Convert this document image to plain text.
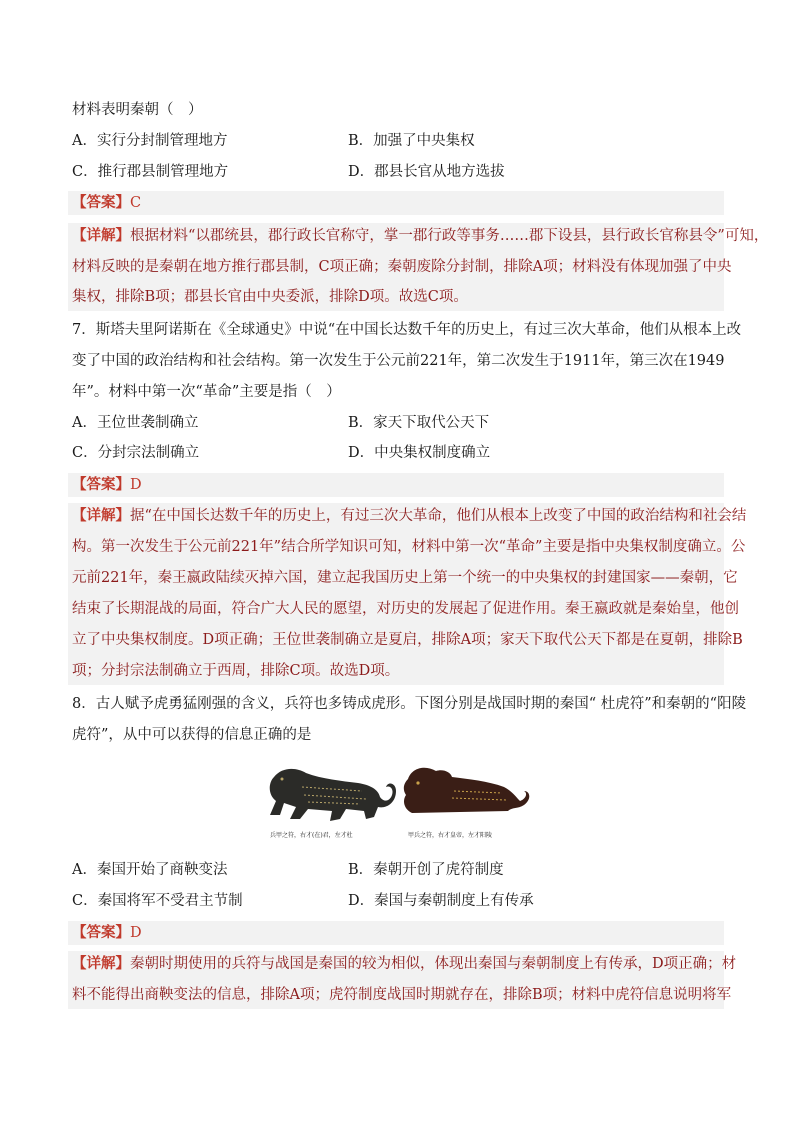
材料表明秦朝（　）
A．实行分封制管理地方	B．加强了中央集权
C．推行郡县制管理地方	D．郡县长官从地方选拔
【答案】C
【详解】根据材料“以郡统县，郡行政长官称守，掌一郡行政等事务……郡下设县，县行政长官称县令”可知，
材料反映的是秦朝在地方推行郡县制，C项正确；秦朝废除分封制，排除A项；材料没有体现加强了中央
集权，排除B项；郡县长官由中央委派，排除D项。故选C项。
7．斯塔夫里阿诺斯在《全球通史》中说“在中国长达数千年的历史上，有过三次大革命，他们从根本上改
变了中国的政治结构和社会结构。第一次发生于公元前221年，第二次发生于1911年，第三次在1949
年”。材料中第一次“革命”主要是指（　）
A．王位世袭制确立	B．家天下取代公天下
C．分封宗法制确立	D．中央集权制度确立
【答案】D
【详解】据“在中国长达数千年的历史上，有过三次大革命，他们从根本上改变了中国的政治结构和社会结
构。第一次发生于公元前221年”结合所学知识可知，材料中第一次“革命”主要是指中央集权制度确立。公
元前221年，秦王嬴政陆续灭掉六国，建立起我国历史上第一个统一的中央集权的封建国家——秦朝，它
结束了长期混战的局面，符合广大人民的愿望，对历史的发展起了促进作用。秦王嬴政就是秦始皇，他创
立了中央集权制度。D项正确；王位世袭制确立是夏启，排除A项；家天下取代公天下都是在夏朝，排除B
项；分封宗法制确立于西周，排除C项。故选D项。
8．古人赋予虎勇猛刚强的含义，兵符也多铸成虎形。下图分别是战国时期的秦国“ 杜虎符”和秦朝的“阳陵
虎符”，从中可以获得的信息正确的是
兵甲之符，右才(在)君，左才杜	甲兵之符，右才皇帝，左才阳陵
A．秦国开始了商鞅变法	B．秦朝开创了虎符制度
C．秦国将军不受君主节制	D．秦国与秦朝制度上有传承
【答案】D
【详解】秦朝时期使用的兵符与战国是秦国的较为相似，体现出秦国与秦朝制度上有传承，D项正确；材
料不能得出商鞅变法的信息，排除A项；虎符制度战国时期就存在，排除B项；材料中虎符信息说明将军
